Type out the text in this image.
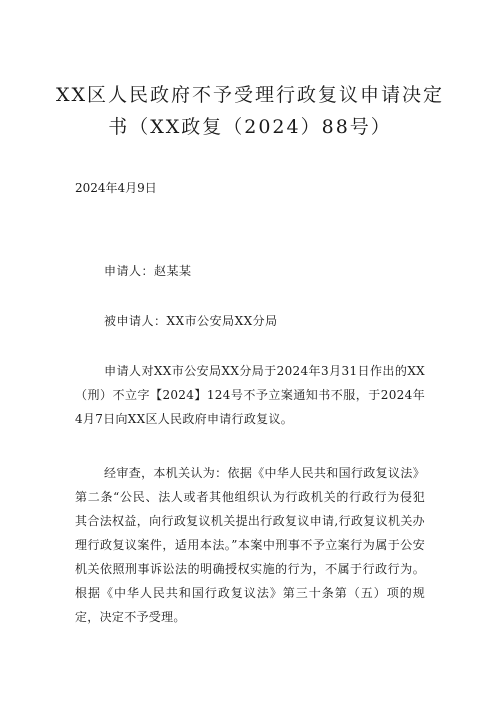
XX区人民政府不予受理行政复议申请决定
书（XX政复（2024）88号）
2024年4月9日
申请人：赵某某
被申请人：XX市公安局XX分局

申请人对XX市公安局XX分局于2024年3月31日作出的XX（刑）不立字【2024】124号不予立案通知书不服，于2024年4月7日向XX区人民政府申请行政复议。

经审查，本机关认为：依据《中华人民共和国行政复议法》第二条“公民、法人或者其他组织认为行政机关的行政行为侵犯其合法权益，向行政复议机关提出行政复议申请,行政复议机关办理行政复议案件，适用本法。”本案中刑事不予立案行为属于公安机关依照刑事诉讼法的明确授权实施的行为，不属于行政行为。根据《中华人民共和国行政复议法》第三十条第（五）项的规定，决定不予受理。
